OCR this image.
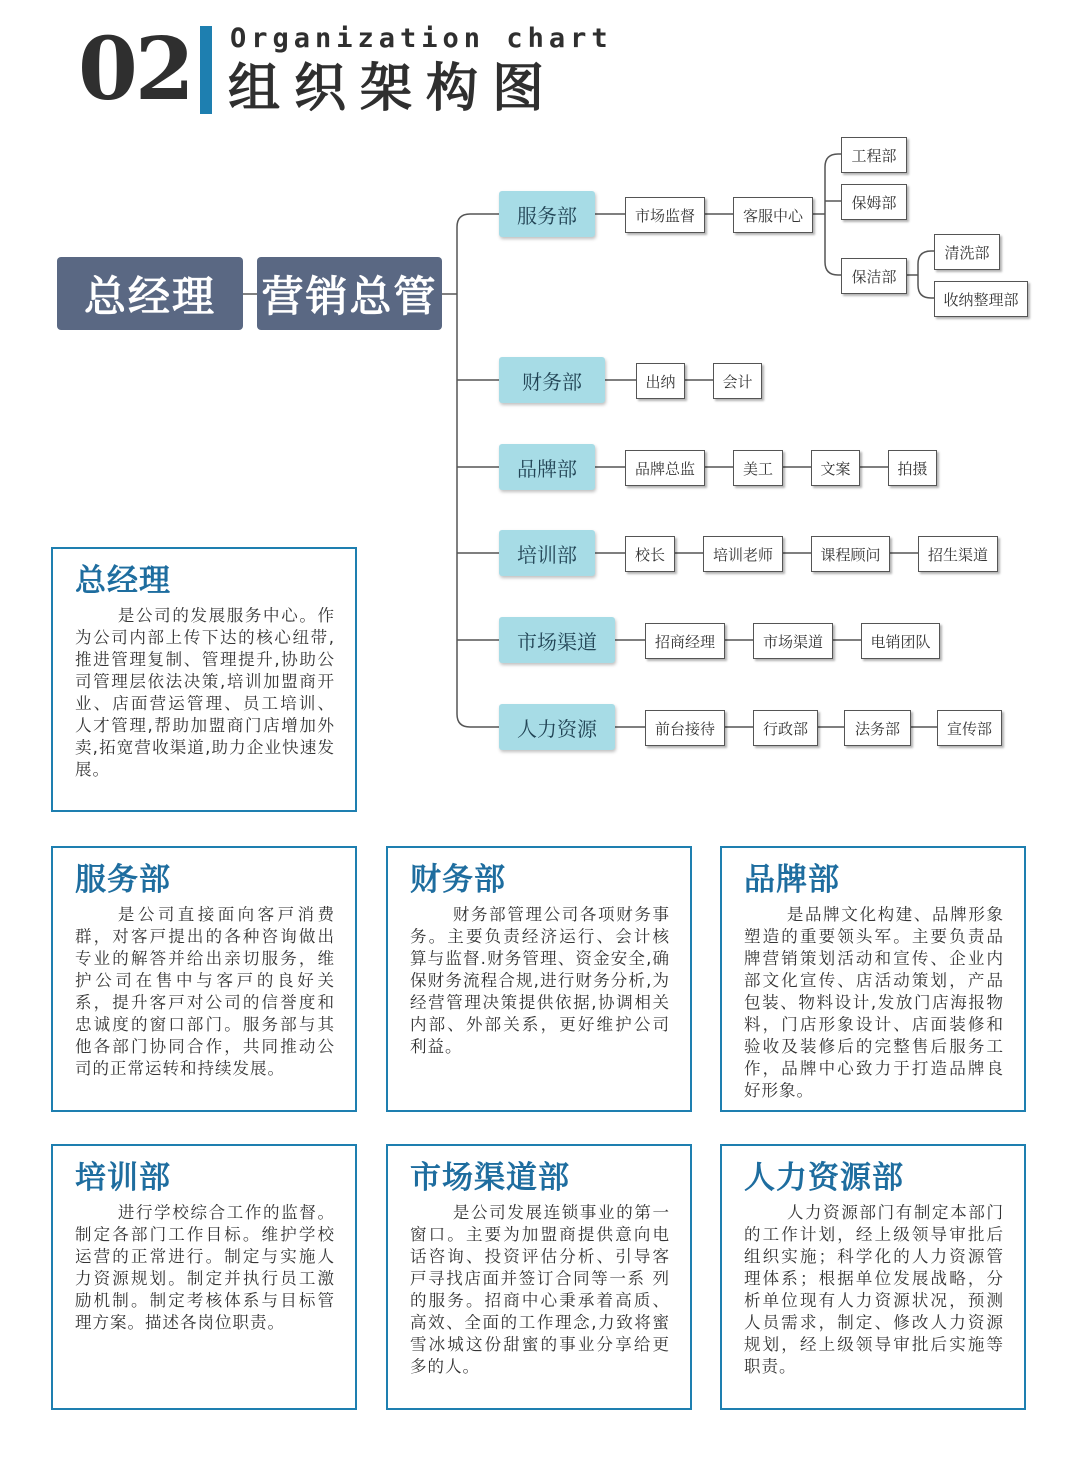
02 Organization chart
组织架构图
总经理	营销总管
服务部
财务部
品牌部
培训部
市场渠道
人力资源
市场监督	客服中心
工程部
保姆部
保洁部
清洗部
收纳整理部
出纳	会计
品牌总监	美工	文案	拍摄
校长	培训老师	课程顾问	招生渠道
招商经理	市场渠道	电销团队
前台接待	行政部	法务部	宣传部
总经理

是公司的发展服务中心。作为公司内部上传下达的核心纽带,推进管理复制、管理提升,协助公司管理层依法决策,培训加盟商开业、店面营运管理、员工培训、人才管理,帮助加盟商门店增加外卖,拓宽营收渠道,助力企业快速发展。

服务部

是公司直接面向客戸消费群，对客戸提出的各种咨询做出专业的解答并给出亲切服务，维护公司在售中与客戸的良好关系，提升客戸对公司的信誉度和忠诚度的窗口部门。服务部与其他各部门协同合作，共同推动公司的正常运转和持续发展。

财务部

财务部管理公司各项财务事务。主要负责经济运行、会计核算与监督.财务管理、资金安全,确保财务流程合规,进行财务分析,为经营管理决策提供依据,协调相关内部、外部关系，更好维护公司利益。

品牌部

是品牌文化构建、品牌形象塑造的重要领头军。主要负责品牌营销策划活动和宣传、企业内部文化宣传、店活动策划，产品包装、物料设计,发放门店海报物料，门店形象设计、店面装修和验收及装修后的完整售后服务工作，品牌中心致力于打造品牌良好形象。

培训部

进行学校综合工作的监督。制定各部门工作目标。维护学校运营的正常进行。制定与实施人力资源规划。制定并执行员工激励机制。制定考核体系与目标管理方案。描述各岗位职责。

市场渠道部

是公司发展连锁事业的第一窗口。主要为加盟商提供意向电话咨询、投资评估分析、引导客戸寻找店面并签订合同等一系 列的服务。招商中心秉承着高质、高效、全面的工作理念,力致将蜜雪冰城这份甜蜜的事业分享给更多的人。

人力资源部

人力资源部门有制定本部门的工作计划，经上级领导审批后组织实施；科学化的人力资源管理体系；根据单位发展战略，分析单位现有人力资源状况，预测人员需求，制定、修改人力资源规划，经上级领导审批后实施等职责。
